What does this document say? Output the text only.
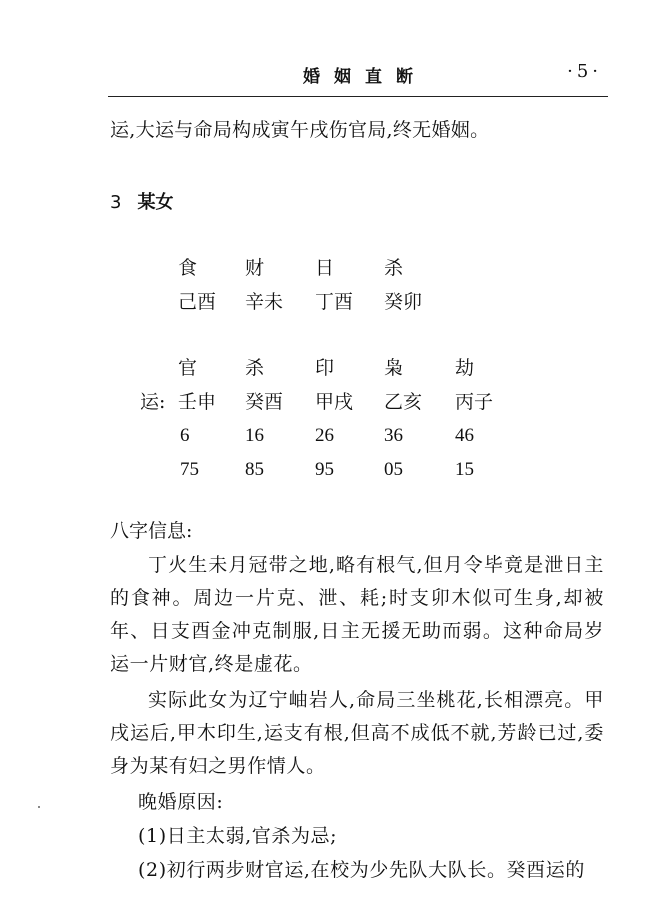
婚姻直断	·5·
运,大运与命局构成寅午戌伤官局,终无婚姻。
3 某女
食	财	日	杀
己酉 辛未 丁酉 癸卯
官	杀	印	枭	劫
运: 壬申 癸酉 甲戌 乙亥 丙子
6	16	26	36	46
75 85	95	05	15
八字信息:
丁火生未月冠带之地,略有根气,但月令毕竟是泄日主的食神。周边一片克、泄、耗;时支卯木似可生身,却被年、日支酉金冲克制服,日主无援无助而弱。这种命局岁运一片财官,终是虚花。
实际此女为辽宁岫岩人,命局三坐桃花,长相漂亮。甲戌运后,甲木印生,运支有根,但高不成低不就,芳龄已过,委身为某有妇之男作情人。
晚婚原因:
(1)日主太弱,官杀为忌;
(2)初行两步财官运,在校为少先队大队长。癸酉运的
